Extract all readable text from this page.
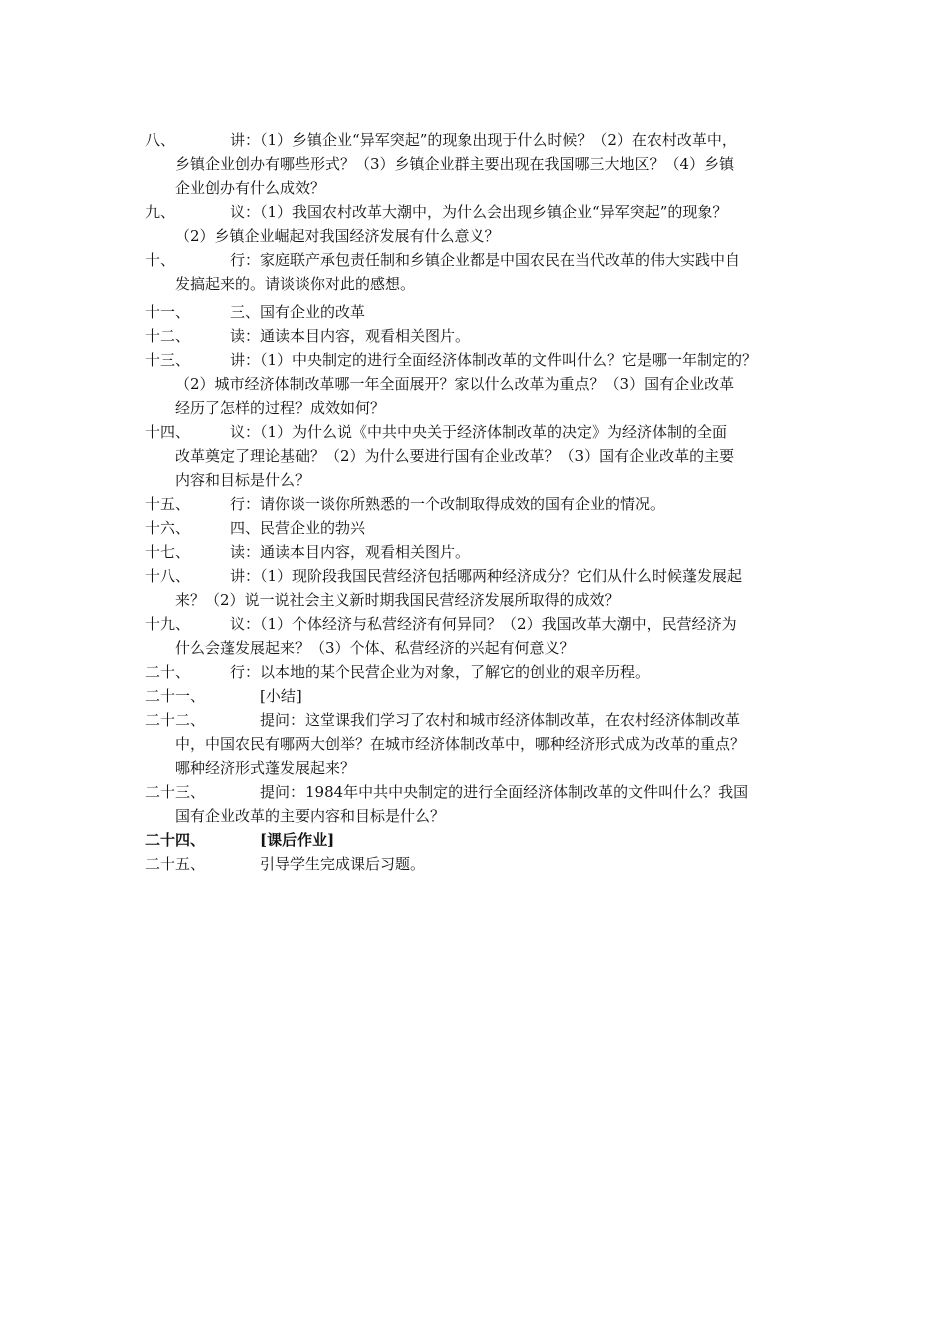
八、	讲：（1）乡镇企业“异军突起”的现象出现于什么时候？（2）在农村改革中，
乡镇企业创办有哪些形式？（3）乡镇企业群主要出现在我国哪三大地区？（4）乡镇
企业创办有什么成效？
九、	议：（1）我国农村改革大潮中，为什么会出现乡镇企业“异军突起”的现象？
（2）乡镇企业崛起对我国经济发展有什么意义？
十、	行：家庭联产承包责任制和乡镇企业都是中国农民在当代改革的伟大实践中自
发搞起来的。请谈谈你对此的感想。
十一、	三、国有企业的改革
十二、	读：通读本目内容，观看相关图片。
十三、	讲：（1）中央制定的进行全面经济体制改革的文件叫什么？它是哪一年制定的？
（2）城市经济体制改革哪一年全面展开？家以什么改革为重点？（3）国有企业改革
经历了怎样的过程？成效如何？
十四、	议：（1）为什么说《中共中央关于经济体制改革的决定》为经济体制的全面
改革奠定了理论基础？（2）为什么要进行国有企业改革？（3）国有企业改革的主要
内容和目标是什么？
十五、	行：请你谈一谈你所熟悉的一个改制取得成效的国有企业的情况。
十六、	四、民营企业的勃兴
十七、	读：通读本目内容，观看相关图片。
十八、	讲：（1）现阶段我国民营经济包括哪两种经济成分？它们从什么时候蓬发展起
来？（2）说一说社会主义新时期我国民营经济发展所取得的成效？
十九、	议：（1）个体经济与私营经济有何异同？（2）我国改革大潮中，民营经济为
什么会蓬发展起来？（3）个体、私营经济的兴起有何意义？
二十、	行：以本地的某个民营企业为对象，了解它的创业的艰辛历程。
二十一、	[小结]
二十二、	提问：这堂课我们学习了农村和城市经济体制改革，在农村经济体制改革
中，中国农民有哪两大创举？在城市经济体制改革中，哪种经济形式成为改革的重点？
哪种经济形式蓬发展起来？
二十三、	提问：1984年中共中央制定的进行全面经济体制改革的文件叫什么？我国
国有企业改革的主要内容和目标是什么？
二十四、	[课后作业]
二十五、	引导学生完成课后习题。
